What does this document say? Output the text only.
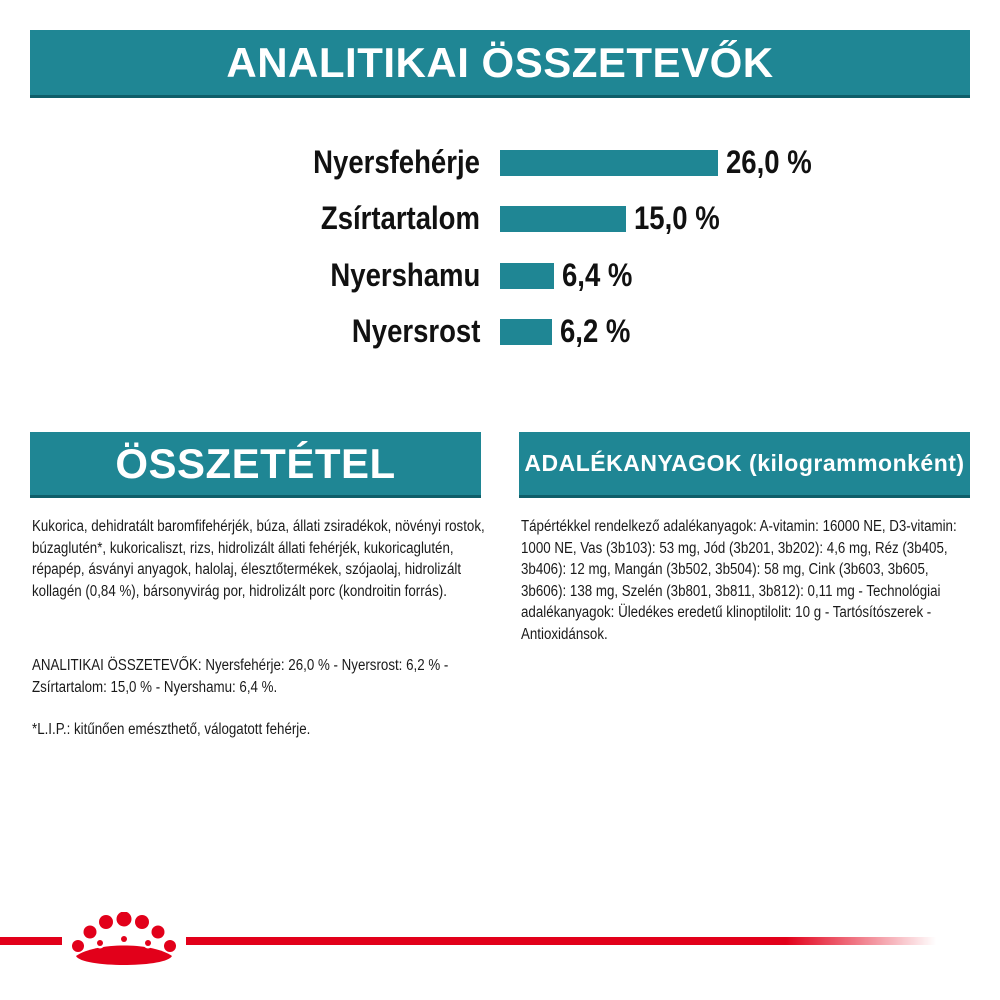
ANALITIKAI ÖSSZETEVŐK
Nyersfehérje	26,0 %
Zsírtartalom	15,0 %
Nyershamu	6,4 %
Nyersrost	6,2 %
ÖSSZETÉTEL	ADALÉKANYAGOK (kilogrammonként)

Kukorica, dehidratált baromfifehérjék, búza, állati zsiradékok, növényi rostok, búzaglutén*, kukoricaliszt, rizs, hidrolizált állati fehérjék, kukoricaglutén, répapép, ásványi anyagok, halolaj, élesztőtermékek, szójaolaj, hidrolizált kollagén (0,84 %), bársonyvirág por, hidrolizált porc (kondroitin forrás).

ANALITIKAI ÖSSZETEVŐK: Nyersfehérje: 26,0 % - Nyersrost: 6,2 % - Zsírtartalom: 15,0 % - Nyershamu: 6,4 %.

*L.I.P.: kitűnően emészthető, válogatott fehérje.

Tápértékkel rendelkező adalékanyagok: A-vitamin: 16000 NE, D3-vitamin: 1000 NE, Vas (3b103): 53 mg, Jód (3b201, 3b202): 4,6 mg, Réz (3b405, 3b406): 12 mg, Mangán (3b502, 3b504): 58 mg, Cink (3b603, 3b605, 3b606): 138 mg, Szelén (3b801, 3b811, 3b812): 0,11 mg - Technológiai adalékanyagok: Üledékes eredetű klinoptilolit: 10 g - Tartósítószerek - Antioxidánsok.
